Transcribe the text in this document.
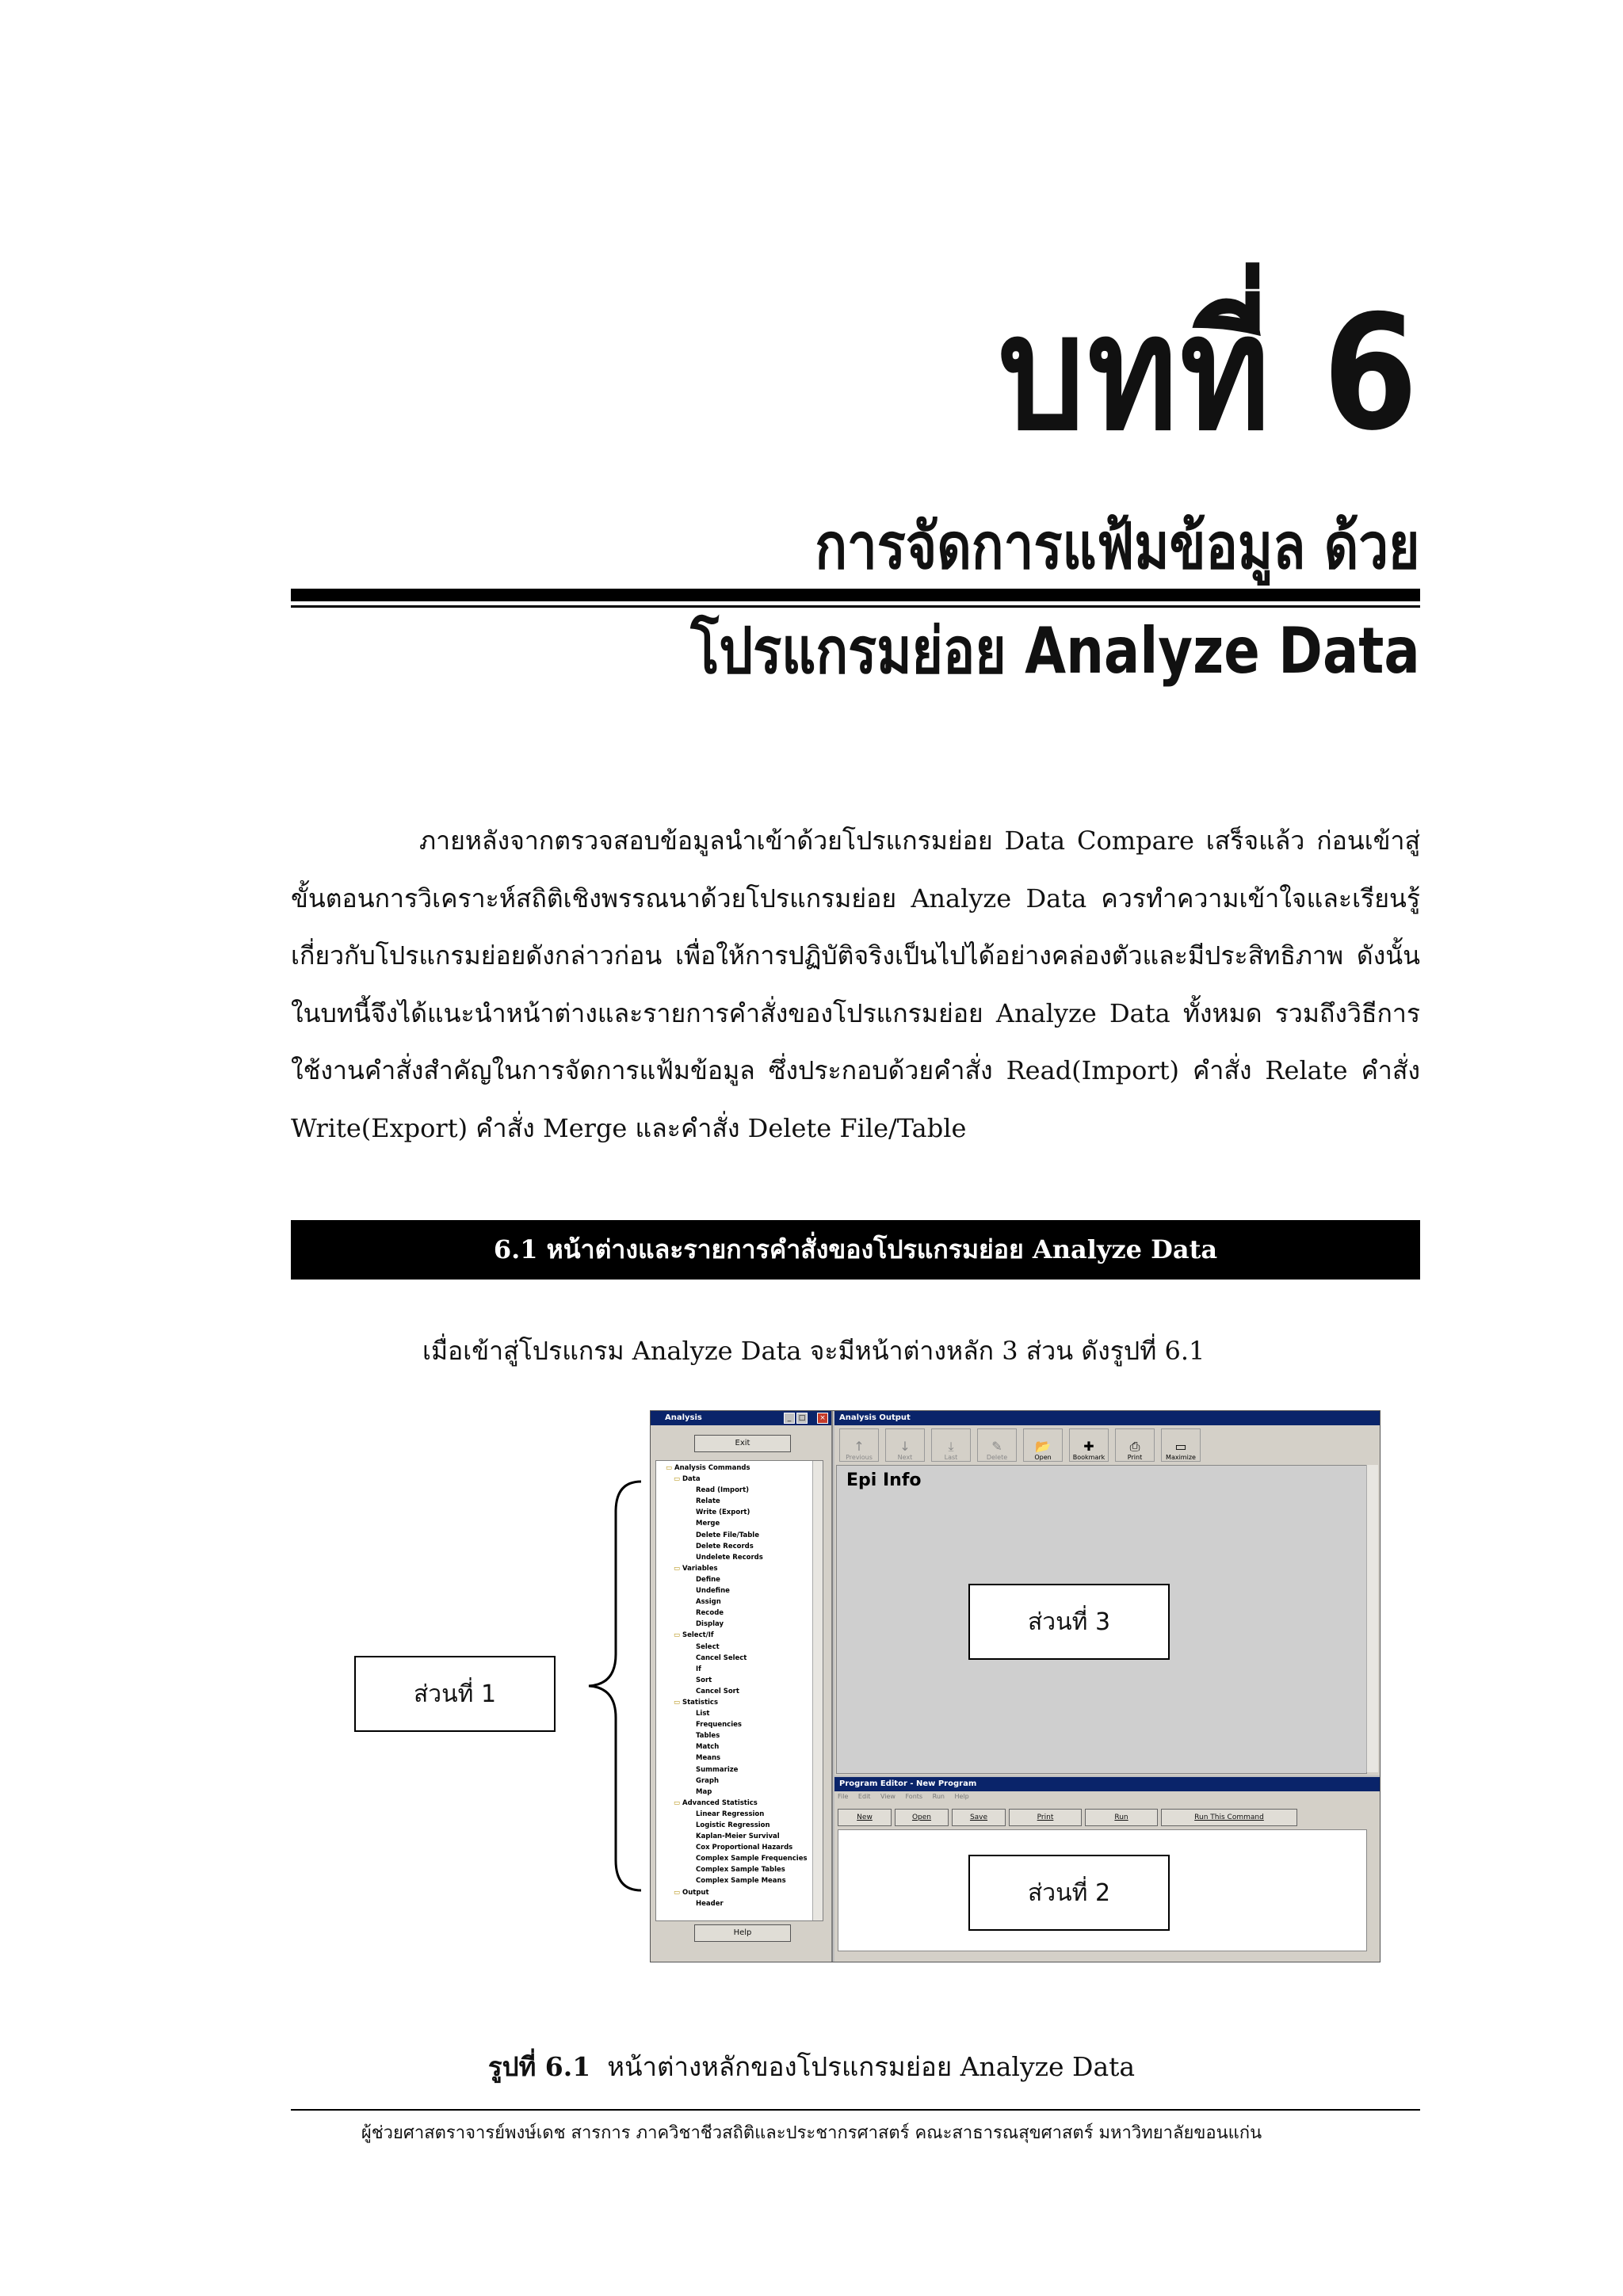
บทที่ 6
การจัดการแฟ้มข้อมูล ด้วย
โปรแกรมย่อย Analyze Data

ภายหลังจากตรวจสอบข้อมูลนำเข้าด้วยโปรแกรมย่อย Data Compare เสร็จแล้ว ก่อนเข้าสู่ขั้นตอนการวิเคราะห์สถิติเชิงพรรณนาด้วยโปรแกรมย่อย Analyze Data ควรทำความเข้าใจและเรียนรู้เกี่ยวกับโปรแกรมย่อยดังกล่าวก่อน เพื่อให้การปฏิบัติจริงเป็นไปได้อย่างคล่องตัวและมีประสิทธิภาพ ดังนั้นในบทนี้จึงได้แนะนำหน้าต่างและรายการคำสั่งของโปรแกรมย่อย Analyze Data ทั้งหมด รวมถึงวิธีการใช้งานคำสั่งสำคัญในการจัดการแฟ้มข้อมูล ซึ่งประกอบด้วยคำสั่ง Read(Import) คำสั่ง Relate คำสั่ง Write(Export) คำสั่ง Merge และคำสั่ง Delete File/Table

6.1 หน้าต่างและรายการคำสั่งของโปรแกรมย่อย Analyze Data
เมื่อเข้าสู่โปรแกรม Analyze Data จะมีหน้าต่างหลัก 3 ส่วน ดังรูปที่ 6.1
Analysis	_	□	×
Exit
▭ Analysis Commands
▭ Data
Read (Import)
Relate
Write (Export)
Merge
Delete File/Table
Delete Records
Undelete Records
▭ Variables
Define
Undefine
Assign
Recode
Display
▭ Select/If
Select
Cancel Select
If
Sort
Cancel Sort
▭ Statistics
List
Frequencies
Tables
Match
Means
Summarize
Graph
Map
▭ Advanced Statistics
Linear Regression
Logistic Regression
Kaplan-Meier Survival
Cox Proportional Hazards
Complex Sample Frequencies
Complex Sample Tables
Complex Sample Means
▭ Output
Header
Help
Analysis Output
↑
Previous
↓
Next
⤓
Last
✎
Delete
📂
Open
✚
Bookmark
⎙
Print
▭
Maximize
Epi Info
Program Editor - New Program
File Edit View Fonts Run Help
New	Open	Save	Print	Run	Run This Command
ส่วนที่ 1
ส่วนที่ 3
ส่วนที่ 2
รูปที่ 6.1 หน้าต่างหลักของโปรแกรมย่อย Analyze Data
ผู้ช่วยศาสตราจารย์พงษ์เดช สารการ ภาควิชาชีวสถิติและประชากรศาสตร์ คณะสาธารณสุขศาสตร์ มหาวิทยาลัยขอนแก่น
